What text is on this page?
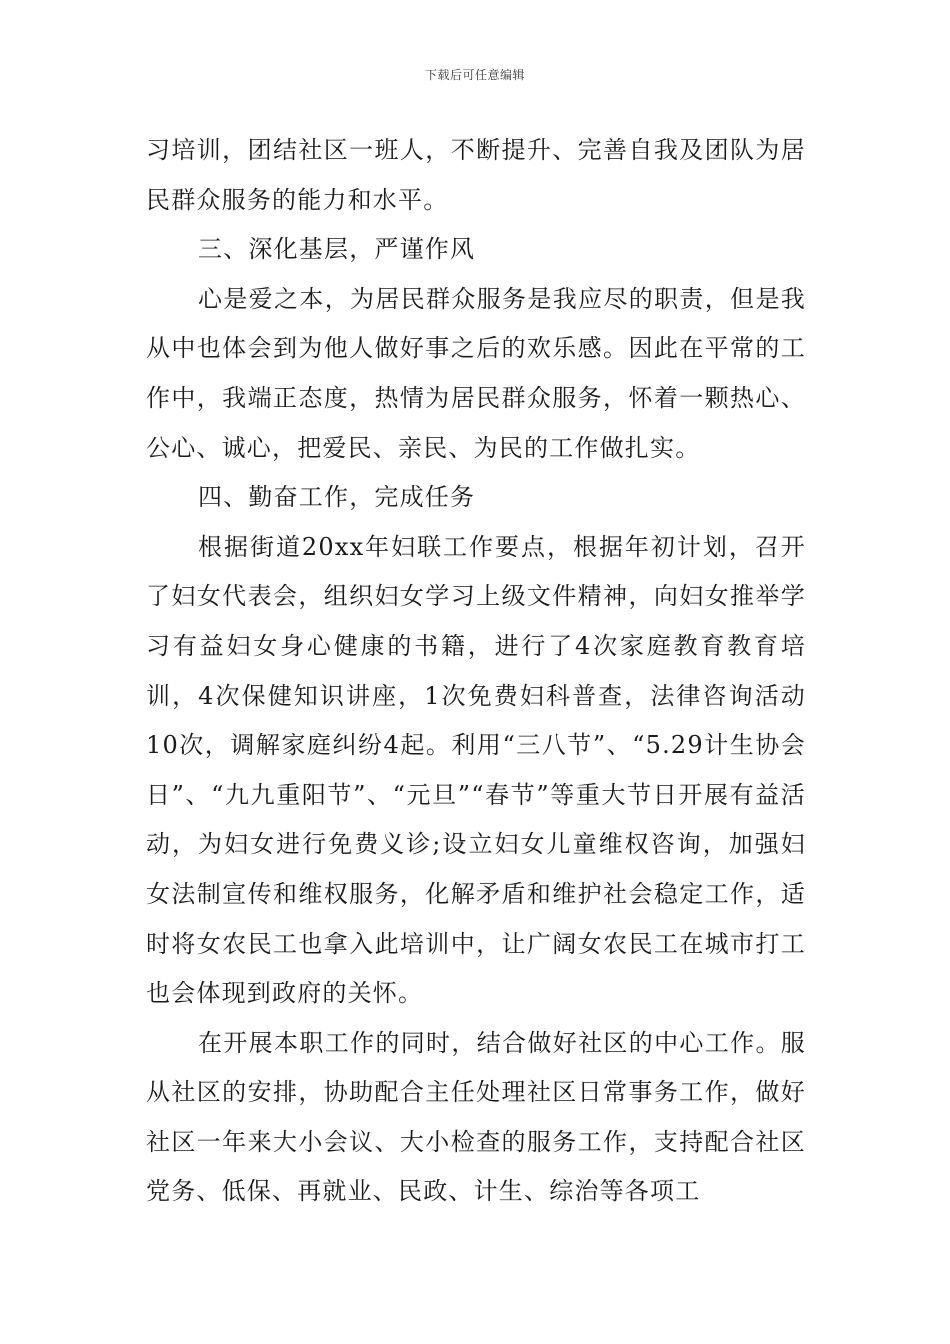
下载后可任意编辑

习培训，团结社区一班人，不断提升、完善自我及团队为居民群众服务的能力和水平。

三、深化基层，严谨作风

心是爱之本，为居民群众服务是我应尽的职责，但是我从中也体会到为他人做好事之后的欢乐感。因此在平常的工作中，我端正态度，热情为居民群众服务，怀着一颗热心、公心、诚心，把爱民、亲民、为民的工作做扎实。

四、勤奋工作，完成任务

根据街道20xx年妇联工作要点，根据年初计划，召开了妇女代表会，组织妇女学习上级文件精神，向妇女推举学习有益妇女身心健康的书籍，进行了4次家庭教育教育培训，4次保健知识讲座，1次免费妇科普查，法律咨询活动10次，调解家庭纠纷4起。利用“三八节”、“5.29计生协会日”、“九九重阳节”、“元旦”“春节”等重大节日开展有益活动，为妇女进行免费义诊;设立妇女儿童维权咨询，加强妇女法制宣传和维权服务，化解矛盾和维护社会稳定工作，适时将女农民工也拿入此培训中，让广阔女农民工在城市打工也会体现到政府的关怀。

在开展本职工作的同时，结合做好社区的中心工作。服从社区的安排，协助配合主任处理社区日常事务工作，做好社区一年来大小会议、大小检查的服务工作，支持配合社区党务、低保、再就业、民政、计生、综治等各项工
